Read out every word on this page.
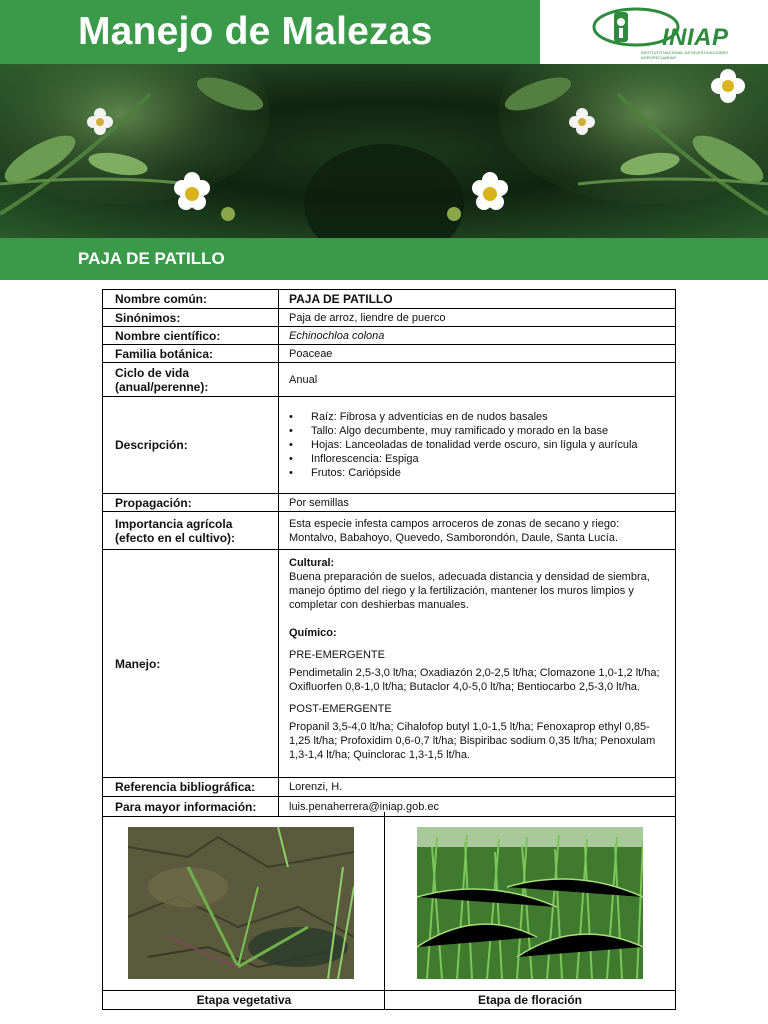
Manejo de Malezas	INIAP
INSTITUTO NACIONAL DE INVESTIGACIONES AGROPECUARIAS
PAJA DE PATILLO
Nombre común:	PAJA DE PATILLO
Sinónimos:	Paja de arroz, liendre de puerco
Nombre científico:	Echinochloa colona
Familia botánica:	Poaceae
Ciclo de vida
(anual/perenne):	Anual
Descripción:
• Raíz: Fibrosa y adventicias en de nudos basales
• Tallo: Algo decumbente, muy ramificado y morado en la base
• Hojas: Lanceoladas de tonalidad verde oscuro, sin lígula y aurícula
• Inflorescencia: Espiga
• Frutos: Cariópside
Propagación:	Por semillas
Importancia agrícola
(efecto en el cultivo):
Esta especie infesta campos arroceros de zonas de secano y riego: Montalvo, Babahoyo, Quevedo, Samborondón, Daule, Santa Lucía.
Manejo:
Cultural:
Buena preparación de suelos, adecuada distancia y densidad de siembra, manejo óptimo del riego y la fertilización, mantener los muros limpios y completar con deshierbas manuales.
Químico:
PRE-EMERGENTE
Pendimetalin 2,5-3,0 lt/ha; Oxadiazón 2,0-2,5 lt/ha; Clomazone 1,0-1,2 lt/ha; Oxifluorfen 0,8-1,0 lt/ha; Butaclor 4,0-5,0 lt/ha; Bentiocarbo 2,5-3,0 lt/ha.
POST-EMERGENTE
Propanil 3,5-4,0 lt/ha; Cihalofop butyl 1,0-1,5 lt/ha; Fenoxaprop ethyl 0,85-1,25 lt/ha; Profoxidim 0,6-0,7 lt/ha; Bispiribac sodium 0,35 lt/ha; Penoxulam 1,3-1,4 lt/ha; Quinclorac 1,3-1,5 lt/ha.
Referencia bibliográfica:	Lorenzi, H.
Para mayor información:	luis.penaherrera@iniap.gob.ec
Etapa vegetativa	Etapa de floración
